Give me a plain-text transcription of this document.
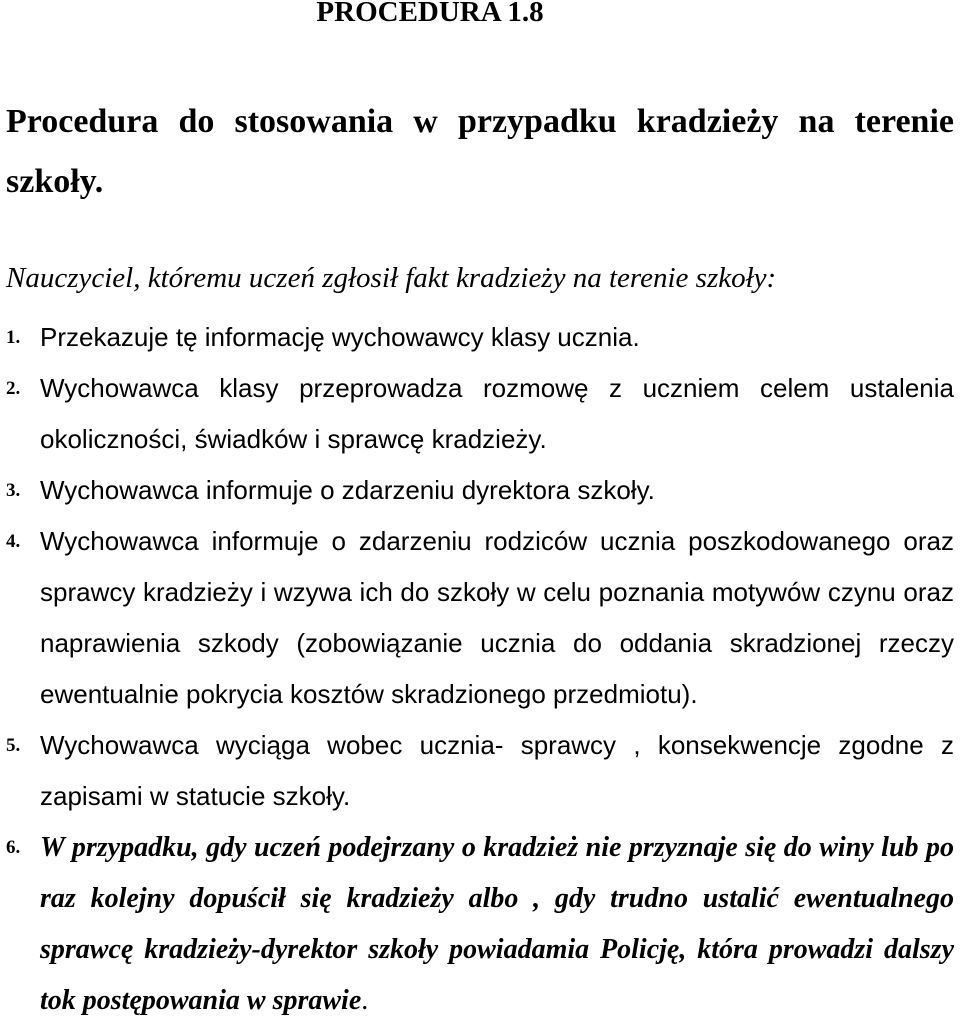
PROCEDURA 1.8
Procedura do stosowania w przypadku kradzieży na terenie szkoły.
Nauczyciel, któremu uczeń zgłosił fakt kradzieży na terenie szkoły:
1. Przekazuje tę informację wychowawcy klasy ucznia.
2. Wychowawca klasy przeprowadza rozmowę z uczniem celem ustalenia okoliczności, świadków i sprawcę kradzieży.
3. Wychowawca informuje o zdarzeniu dyrektora szkoły.
4. Wychowawca informuje o zdarzeniu rodziców ucznia poszkodowanego oraz sprawcy kradzieży i wzywa ich do szkoły w celu poznania motywów czynu oraz naprawienia szkody (zobowiązanie ucznia do oddania skradzionej rzeczy ewentualnie pokrycia kosztów skradzionego przedmiotu).
5. Wychowawca wyciąga wobec ucznia- sprawcy , konsekwencje zgodne z zapisami w statucie szkoły.
6. W przypadku, gdy uczeń podejrzany o kradzież nie przyznaje się do winy lub po raz kolejny dopuścił się kradzieży albo , gdy trudno ustalić ewentualnego sprawcę kradzieży-dyrektor szkoły powiadamia Policję, która prowadzi dalszy tok postępowania w sprawie.
